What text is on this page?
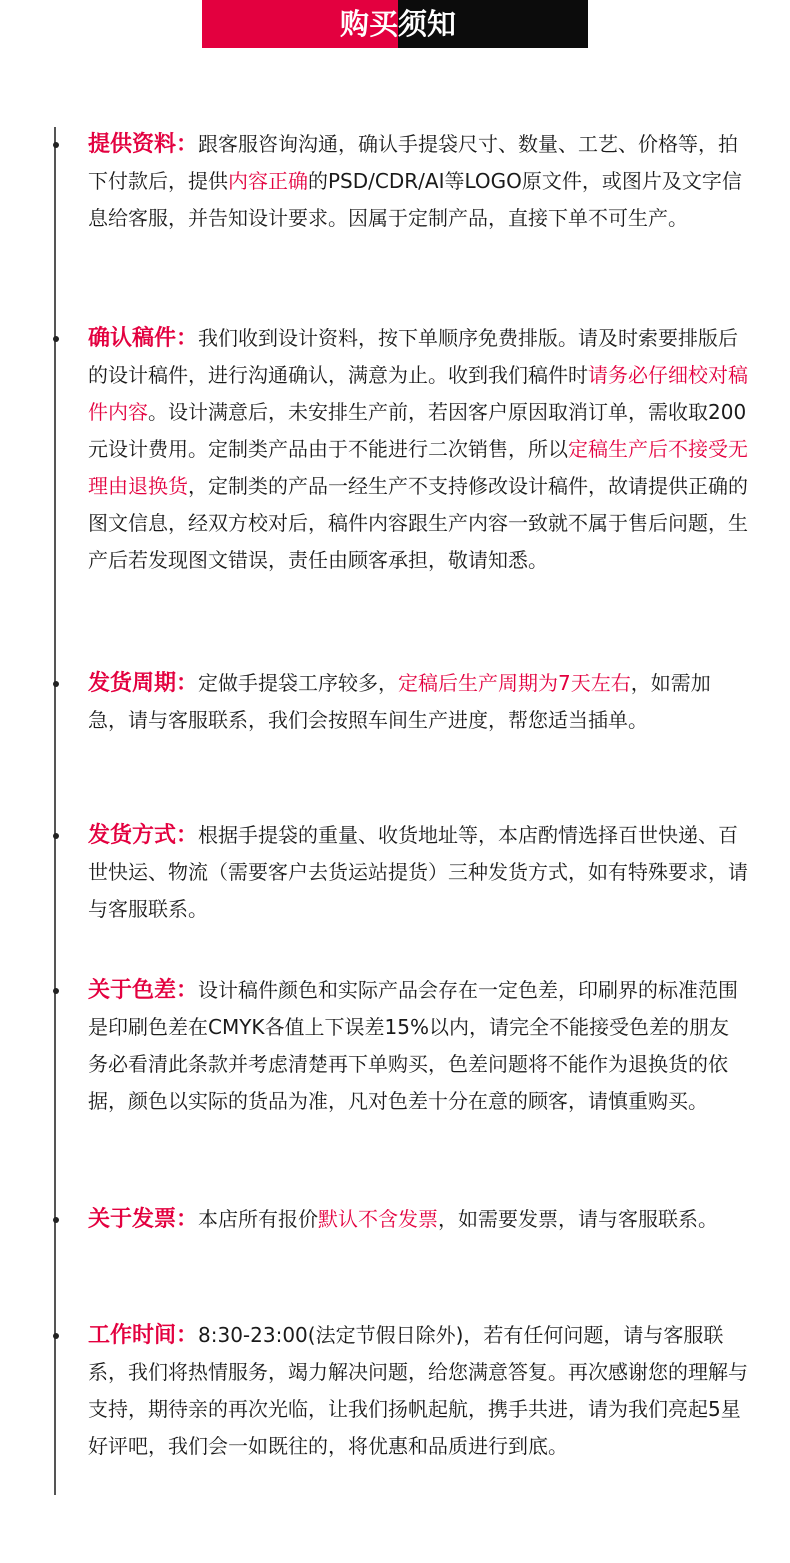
购买 须知

提供资料：跟客服咨询沟通，确认手提袋尺寸、数量、工艺、价格等，拍下付款后，提供内容正确的PSD/CDR/AI等LOGO原文件，或图片及文字信息给客服，并告知设计要求。因属于定制产品，直接下单不可生产。

确认稿件：我们收到设计资料，按下单顺序免费排版。请及时索要排版后的设计稿件，进行沟通确认，满意为止。收到我们稿件时请务必仔细校对稿件内容。设计满意后，未安排生产前，若因客户原因取消订单，需收取200元设计费用。定制类产品由于不能进行二次销售，所以定稿生产后不接受无理由退换货，定制类的产品一经生产不支持修改设计稿件，故请提供正确的图文信息，经双方校对后，稿件内容跟生产内容一致就不属于售后问题，生产后若发现图文错误，责任由顾客承担，敬请知悉。

发货周期：定做手提袋工序较多，定稿后生产周期为7天左右，如需加急，请与客服联系，我们会按照车间生产进度，帮您适当插单。

发货方式：根据手提袋的重量、收货地址等，本店酌情选择百世快递、百世快运、物流（需要客户去货运站提货）三种发货方式，如有特殊要求，请与客服联系。

关于色差：设计稿件颜色和实际产品会存在一定色差，印刷界的标准范围是印刷色差在CMYK各值上下误差15%以内，请完全不能接受色差的朋友务必看清此条款并考虑清楚再下单购买，色差问题将不能作为退换货的依据，颜色以实际的货品为准，凡对色差十分在意的顾客，请慎重购买。

关于发票：本店所有报价默认不含发票，如需要发票，请与客服联系。

工作时间：8:30-23:00(法定节假日除外)，若有任何问题，请与客服联系，我们将热情服务，竭力解决问题，给您满意答复。再次感谢您的理解与支持，期待亲的再次光临，让我们扬帆起航，携手共进，请为我们亮起5星好评吧，我们会一如既往的，将优惠和品质进行到底。
